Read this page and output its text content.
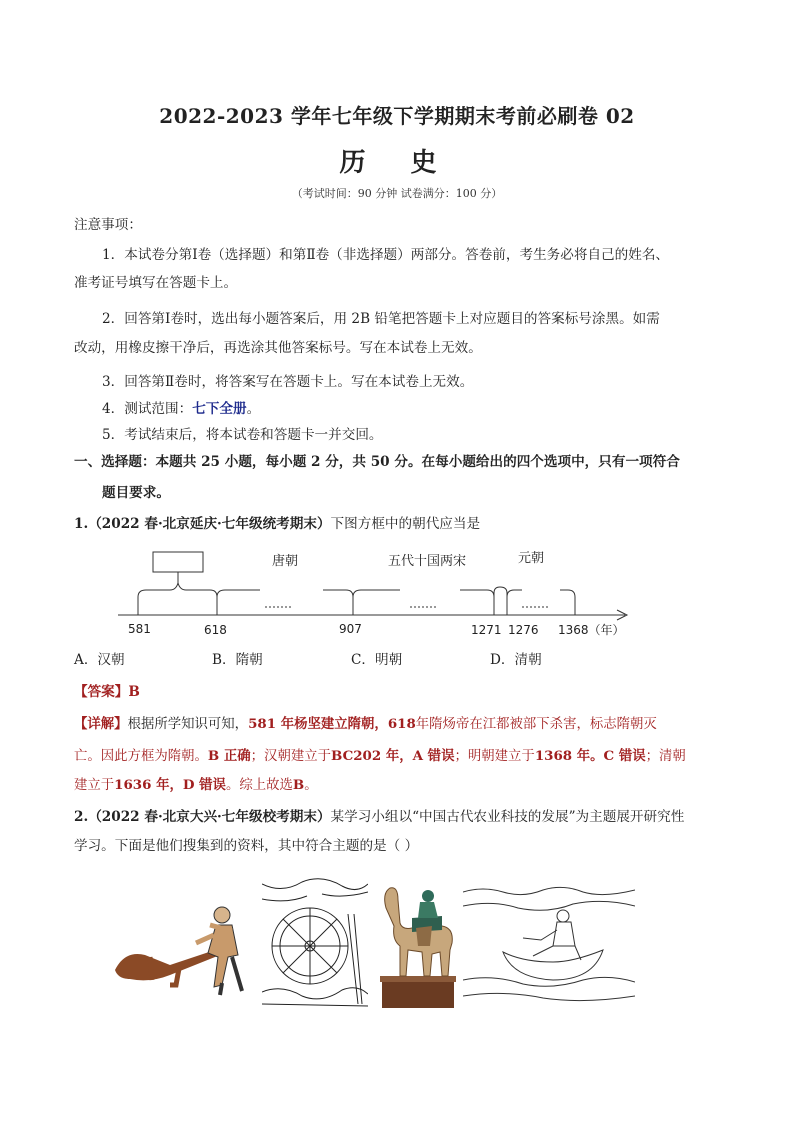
2022-2023 学年七年级下学期期末考前必刷卷 02
历 史
（考试时间：90 分钟 试卷满分：100 分）
注意事项：
1．本试卷分第Ⅰ卷（选择题）和第Ⅱ卷（非选择题）两部分。答卷前，考生务必将自己的姓名、
准考证号填写在答题卡上。
2．回答第Ⅰ卷时，选出每小题答案后，用 2B 铅笔把答题卡上对应题目的答案标号涂黑。如需
改动，用橡皮擦干净后，再选涂其他答案标号。写在本试卷上无效。
3．回答第Ⅱ卷时，将答案写在答题卡上。写在本试卷上无效。
4．测试范围：七下全册。
5．考试结束后，将本试卷和答题卡一并交回。
一、选择题：本题共 25 小题，每小题 2 分，共 50 分。在每小题给出的四个选项中，只有一项符合
题目要求。
1.（2022 春·北京延庆·七年级统考期末）下图方框中的朝代应当是
唐朝	五代十国两宋	元朝
581	618	907	1271 1276 1368（年）
A．汉朝	B．隋朝	C．明朝	D．清朝
【答案】B
【详解】根据所学知识可知，581 年杨坚建立隋朝，618年隋炀帝在江都被部下杀害，标志隋朝灭
亡。因此方框为隋朝。B 正确；汉朝建立于BC202 年，A 错误；明朝建立于1368 年。C 错误；清朝
建立于1636 年，D 错误。综上故选B。
2.（2022 春·北京大兴·七年级校考期末）某学习小组以“中国古代农业科技的发展”为主题展开研究性
学习。下面是他们搜集到的资料，其中符合主题的是（ ）
